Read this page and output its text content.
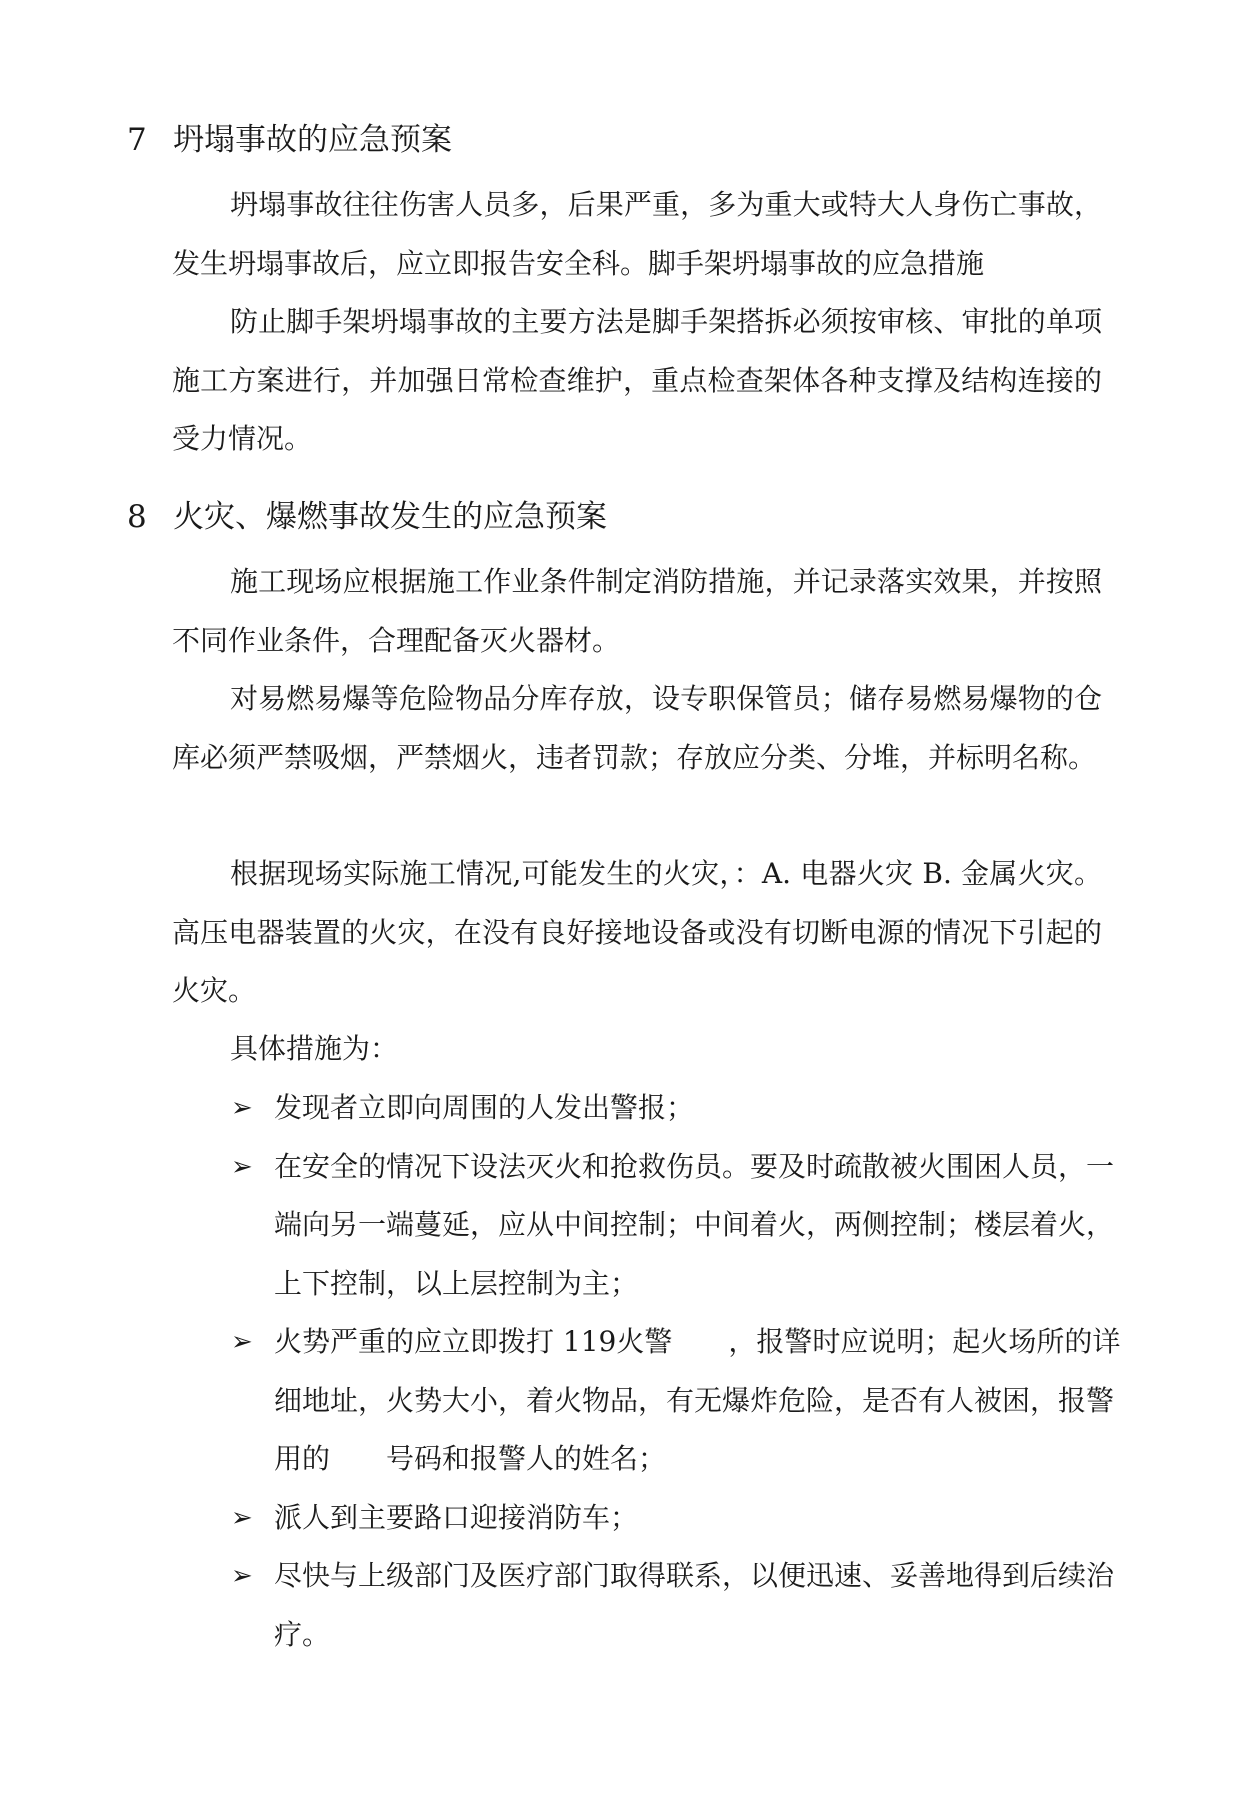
7 坍塌事故的应急预案

坍塌事故往往伤害人员多，后果严重，多为重大或特大人身伤亡事故，发生坍塌事故后，应立即报告安全科。脚手架坍塌事故的应急措施

防止脚手架坍塌事故的主要方法是脚手架搭拆必须按审核、审批的单项施工方案进行，并加强日常检查维护，重点检查架体各种支撑及结构连接的受力情况。

8 火灾、爆燃事故发生的应急预案

施工现场应根据施工作业条件制定消防措施，并记录落实效果，并按照不同作业条件，合理配备灭火器材。

对易燃易爆等危险物品分库存放，设专职保管员；储存易燃易爆物的仓库必须严禁吸烟，严禁烟火，违者罚款；存放应分类、分堆，并标明名称。

根据现场实际施工情况,可能发生的火灾，：A. 电器火灾 B. 金属火灾。高压电器装置的火灾，在没有良好接地设备或没有切断电源的情况下引起的火灾。

具体措施为：

➢ 发现者立即向周围的人发出警报；
➢ 在安全的情况下设法灭火和抢救伤员。要及时疏散被火围困人员，一端向另一端蔓延，应从中间控制；中间着火，两侧控制；楼层着火，上下控制，以上层控制为主；
➢ 火势严重的应立即拨打 119火警　　，报警时应说明；起火场所的详细地址，火势大小，着火物品，有无爆炸危险，是否有人被困，报警用的　　号码和报警人的姓名；
➢ 派人到主要路口迎接消防车；
➢ 尽快与上级部门及医疗部门取得联系，以便迅速、妥善地得到后续治疗。
